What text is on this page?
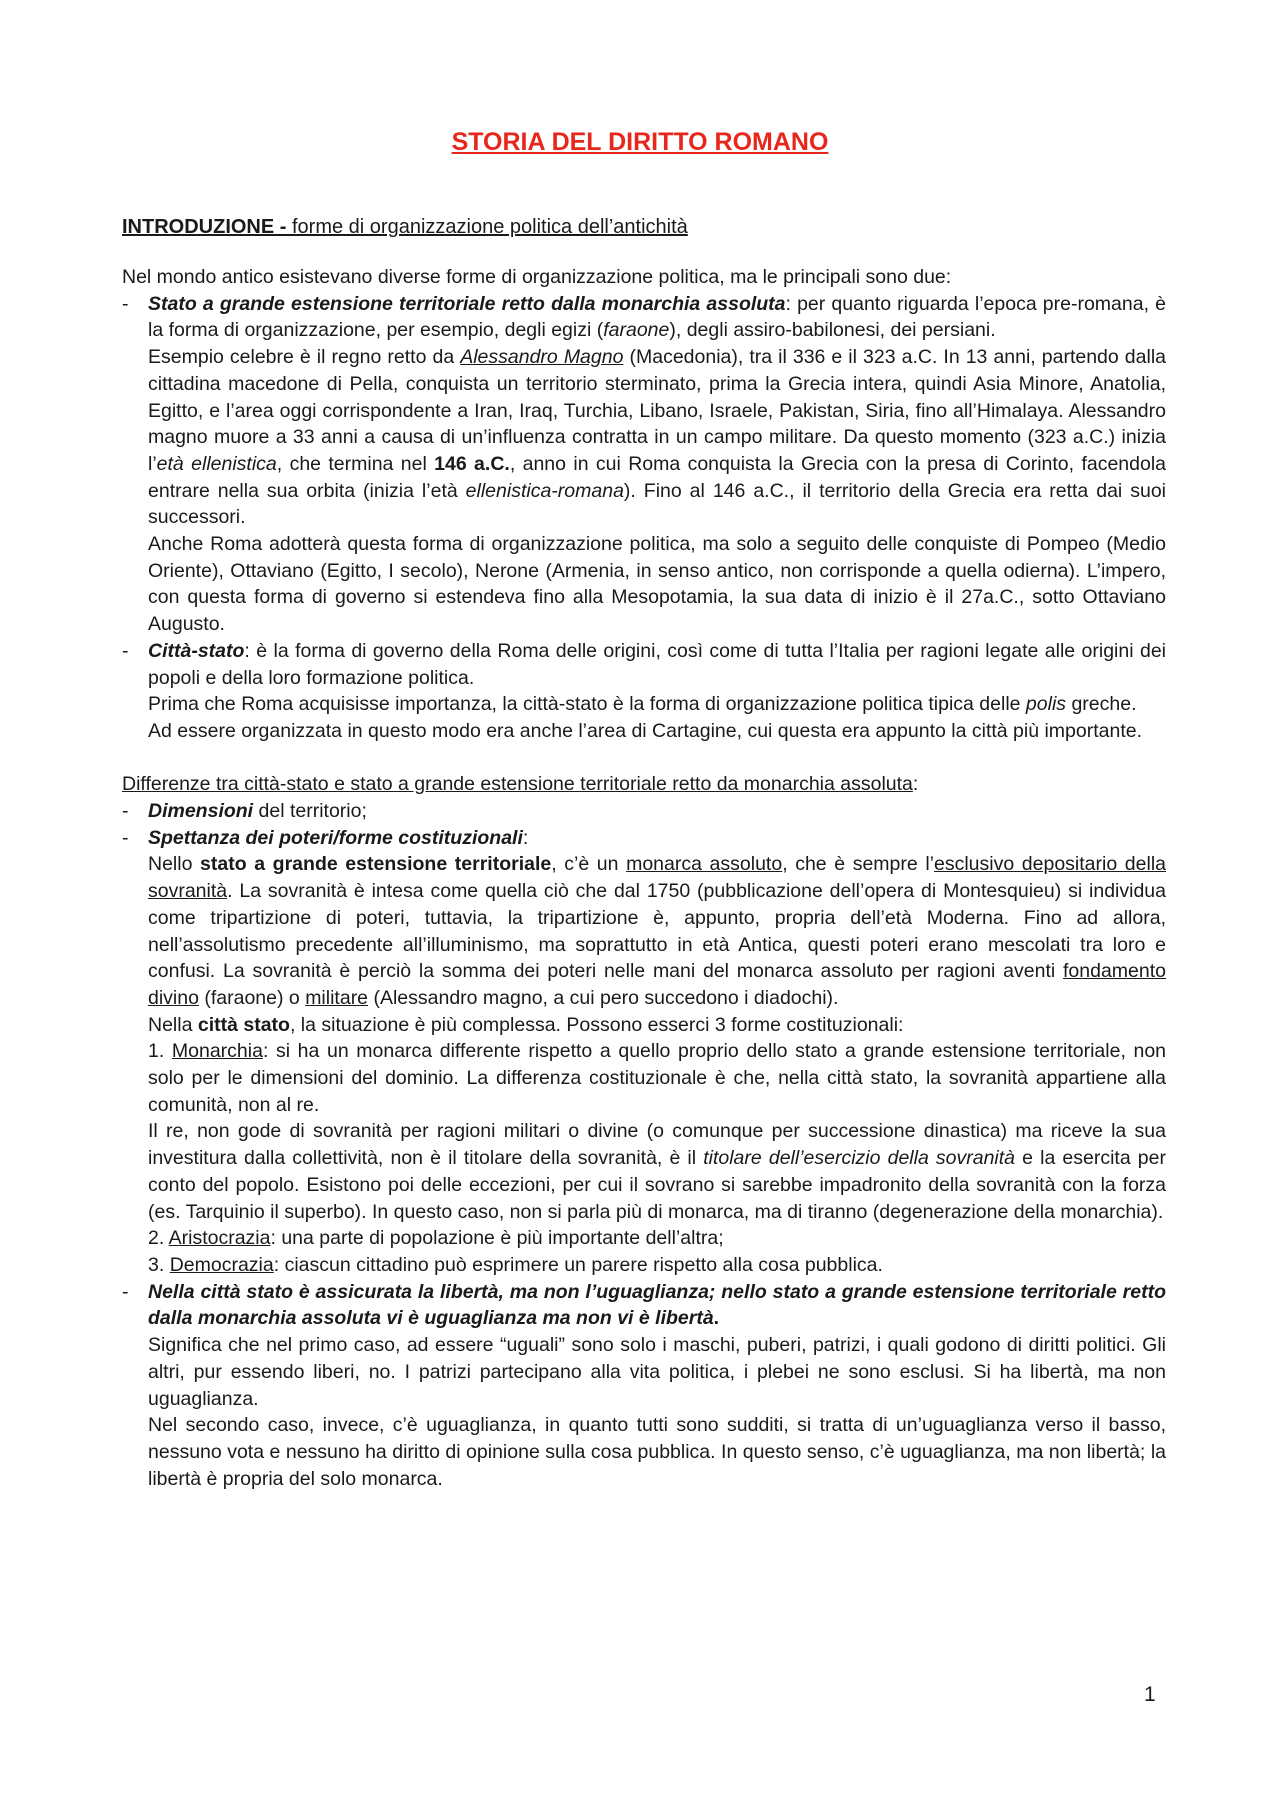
STORIA DEL DIRITTO ROMANO
INTRODUZIONE - forme di organizzazione politica dell’antichità

Nel mondo antico esistevano diverse forme di organizzazione politica, ma le principali sono due:

- Stato a grande estensione territoriale retto dalla monarchia assoluta: per quanto riguarda l’epoca pre-romana, è la forma di organizzazione, per esempio, degli egizi (faraone), degli assiro-babilonesi, dei persiani.
Esempio celebre è il regno retto da Alessandro Magno (Macedonia), tra il 336 e il 323 a.C. In 13 anni, partendo dalla cittadina macedone di Pella, conquista un territorio sterminato, prima la Grecia intera, quindi Asia Minore, Anatolia, Egitto, e l’area oggi corrispondente a Iran, Iraq, Turchia, Libano, Israele, Pakistan, Siria, fino all’Himalaya. Alessandro magno muore a 33 anni a causa di un’influenza contratta in un campo militare. Da questo momento (323 a.C.) inizia l’età ellenistica, che termina nel 146 a.C., anno in cui Roma conquista la Grecia con la presa di Corinto, facendola entrare nella sua orbita (inizia l’età ellenistica-romana). Fino al 146 a.C., il territorio della Grecia era retta dai suoi successori.
Anche Roma adotterà questa forma di organizzazione politica, ma solo a seguito delle conquiste di Pompeo (Medio Oriente), Ottaviano (Egitto, I secolo), Nerone (Armenia, in senso antico, non corrisponde a quella odierna). L’impero, con questa forma di governo si estendeva fino alla Mesopotamia, la sua data di inizio è il 27a.C., sotto Ottaviano Augusto.
- Città-stato: è la forma di governo della Roma delle origini, così come di tutta l’Italia per ragioni legate alle origini dei popoli e della loro formazione politica.
Prima che Roma acquisisse importanza, la città-stato è la forma di organizzazione politica tipica delle polis greche.
Ad essere organizzata in questo modo era anche l’area di Cartagine, cui questa era appunto la città più importante.

Differenze tra città-stato e stato a grande estensione territoriale retto da monarchia assoluta:

- Dimensioni del territorio;
- Spettanza dei poteri/forme costituzionali:
Nello stato a grande estensione territoriale, c’è un monarca assoluto, che è sempre l’esclusivo depositario della sovranità. La sovranità è intesa come quella ciò che dal 1750 (pubblicazione dell’opera di Montesquieu) si individua come tripartizione di poteri, tuttavia, la tripartizione è, appunto, propria dell’età Moderna. Fino ad allora, nell’assolutismo precedente all’illuminismo, ma soprattutto in età Antica, questi poteri erano mescolati tra loro e confusi. La sovranità è perciò la somma dei poteri nelle mani del monarca assoluto per ragioni aventi fondamento divino (faraone) o militare (Alessandro magno, a cui pero succedono i diadochi).
Nella città stato, la situazione è più complessa. Possono esserci 3 forme costituzionali:
1. Monarchia: si ha un monarca differente rispetto a quello proprio dello stato a grande estensione territoriale, non solo per le dimensioni del dominio. La differenza costituzionale è che, nella città stato, la sovranità appartiene alla comunità, non al re.
Il re, non gode di sovranità per ragioni militari o divine (o comunque per successione dinastica) ma riceve la sua investitura dalla collettività, non è il titolare della sovranità, è il titolare dell’esercizio della sovranità e la esercita per conto del popolo. Esistono poi delle eccezioni, per cui il sovrano si sarebbe impadronito della sovranità con la forza (es. Tarquinio il superbo). In questo caso, non si parla più di monarca, ma di tiranno (degenerazione della monarchia).
2. Aristocrazia: una parte di popolazione è più importante dell’altra;
3. Democrazia: ciascun cittadino può esprimere un parere rispetto alla cosa pubblica.
- Nella città stato è assicurata la libertà, ma non l’uguaglianza; nello stato a grande estensione territoriale retto dalla monarchia assoluta vi è uguaglianza ma non vi è libertà.
Significa che nel primo caso, ad essere “uguali” sono solo i maschi, puberi, patrizi, i quali godono di diritti politici. Gli altri, pur essendo liberi, no. I patrizi partecipano alla vita politica, i plebei ne sono esclusi. Si ha libertà, ma non uguaglianza.
Nel secondo caso, invece, c’è uguaglianza, in quanto tutti sono sudditi, si tratta di un’uguaglianza verso il basso, nessuno vota e nessuno ha diritto di opinione sulla cosa pubblica. In questo senso, c’è uguaglianza, ma non libertà; la libertà è propria del solo monarca.
1
